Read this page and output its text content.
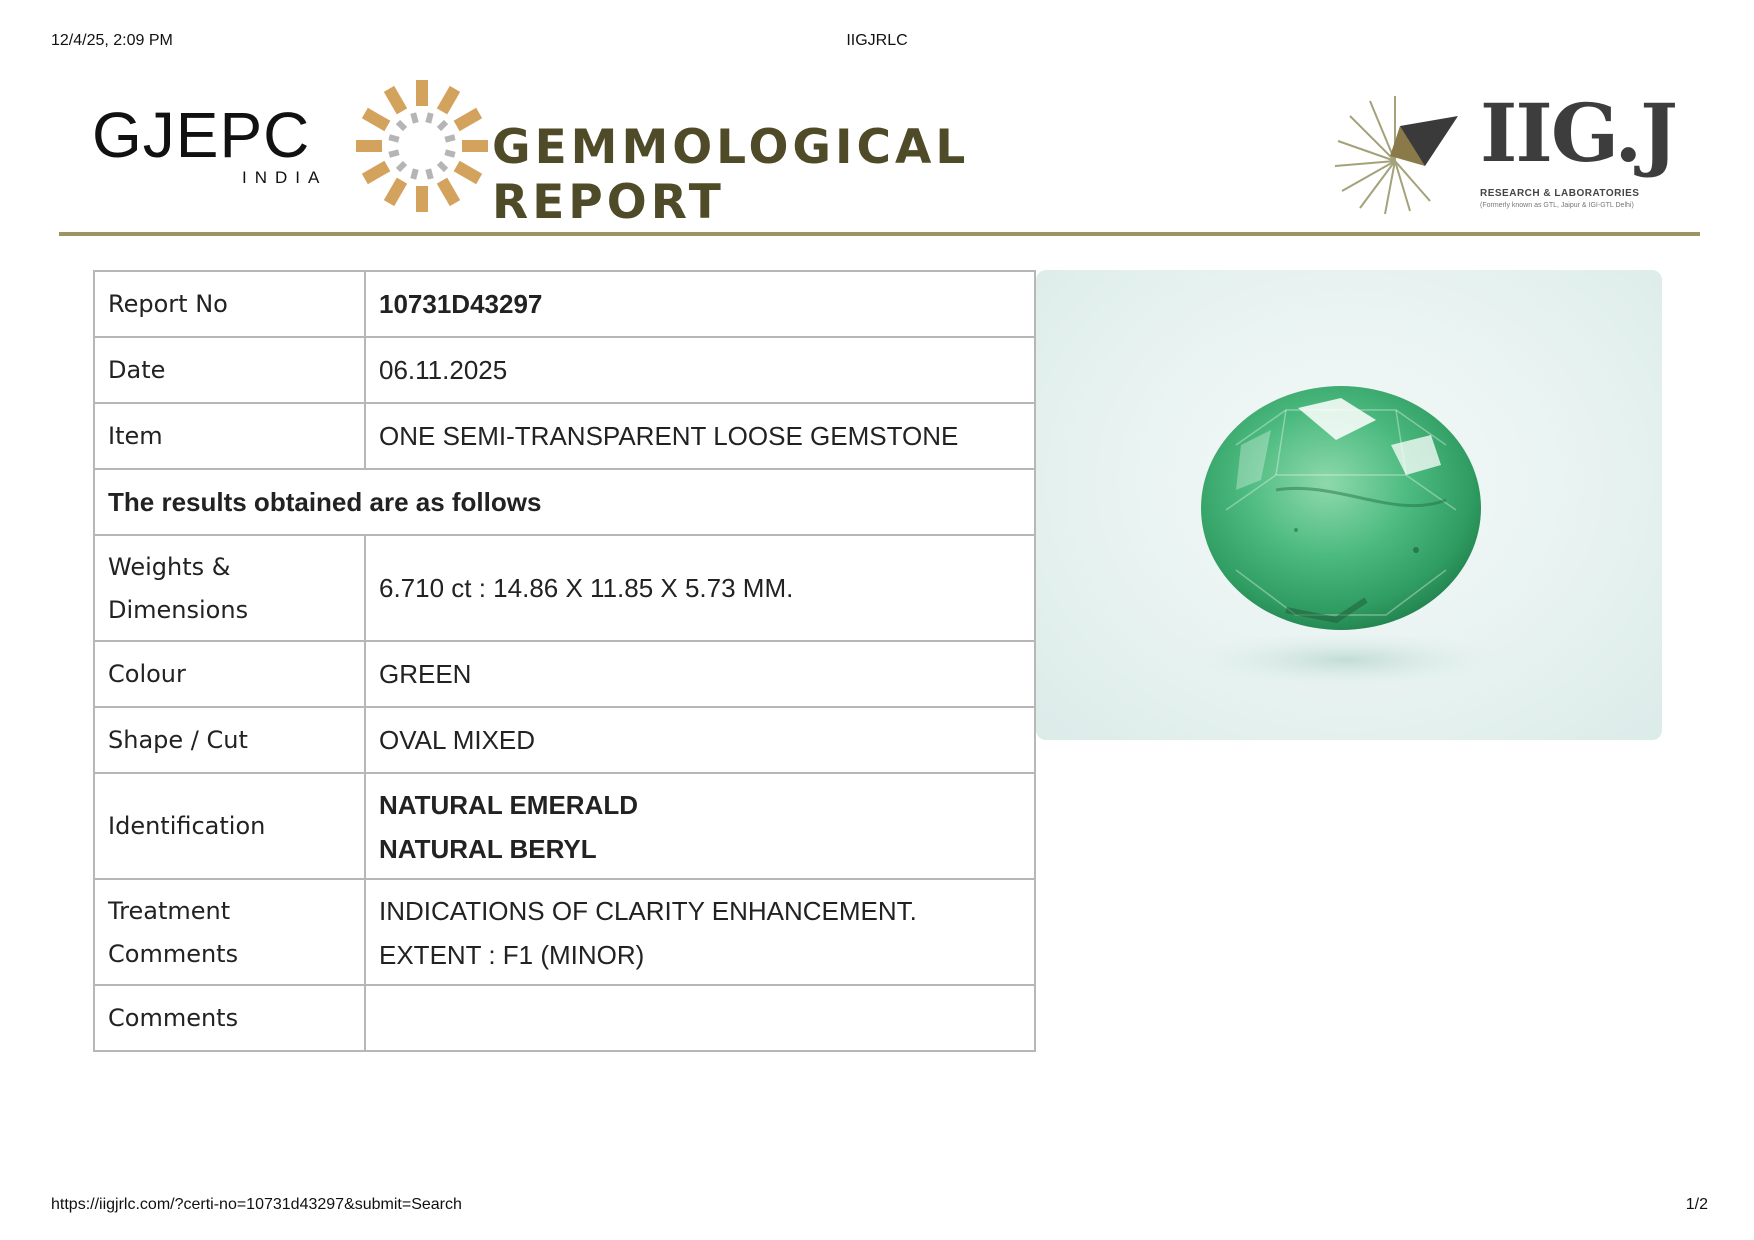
12/4/25, 2:09 PM	IIGJRLC
https://iigjrlc.com/?certi-no=10731d43297&submit=Search	1/2
GJEPC
INDIA
GEMMOLOGICAL REPORT
IIG.J
RESEARCH & LABORATORIES
(Formerly known as GTL, Jaipur & IGI-GTL Delhi)
Report No	10731D43297
Date	06.11.2025
Item	ONE SEMI-TRANSPARENT LOOSE GEMSTONE
The results obtained are as follows	

Weights &
Dimensions	6.710 ct : 14.86 X 11.85 X 5.73 MM.
Colour	GREEN
Shape / Cut	OVAL MIXED
Identification	NATURAL EMERALD
NATURAL BERYL

Treatment
Comments	INDICATIONS OF CLARITY ENHANCEMENT.
EXTENT : F1 (MINOR)

Comments	
